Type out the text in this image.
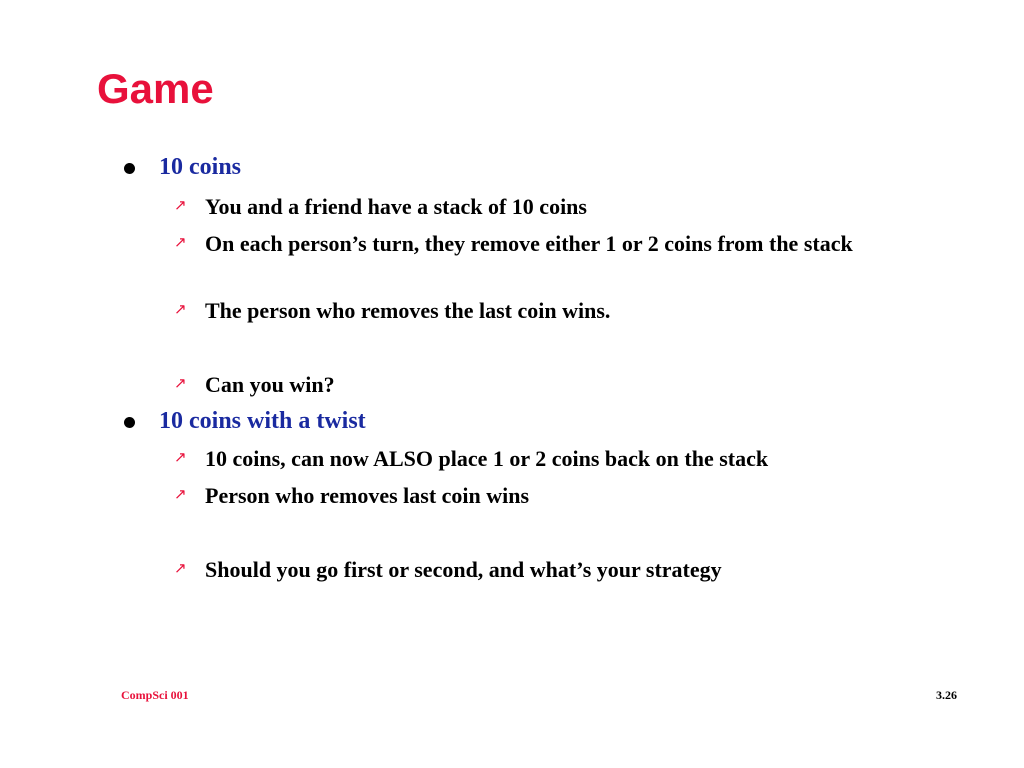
Game
10 coins
↗ You and a friend have a stack of 10 coins
↗ On each person’s turn, they remove either 1 or 2 coins from the stack
↗ The person who removes the last coin wins.
↗ Can you win?
10 coins with a twist
↗ 10 coins, can now ALSO place 1 or 2 coins back on the stack
↗ Person who removes last coin wins
↗ Should you go first or second, and what’s your strategy
CompSci 001	3.26
